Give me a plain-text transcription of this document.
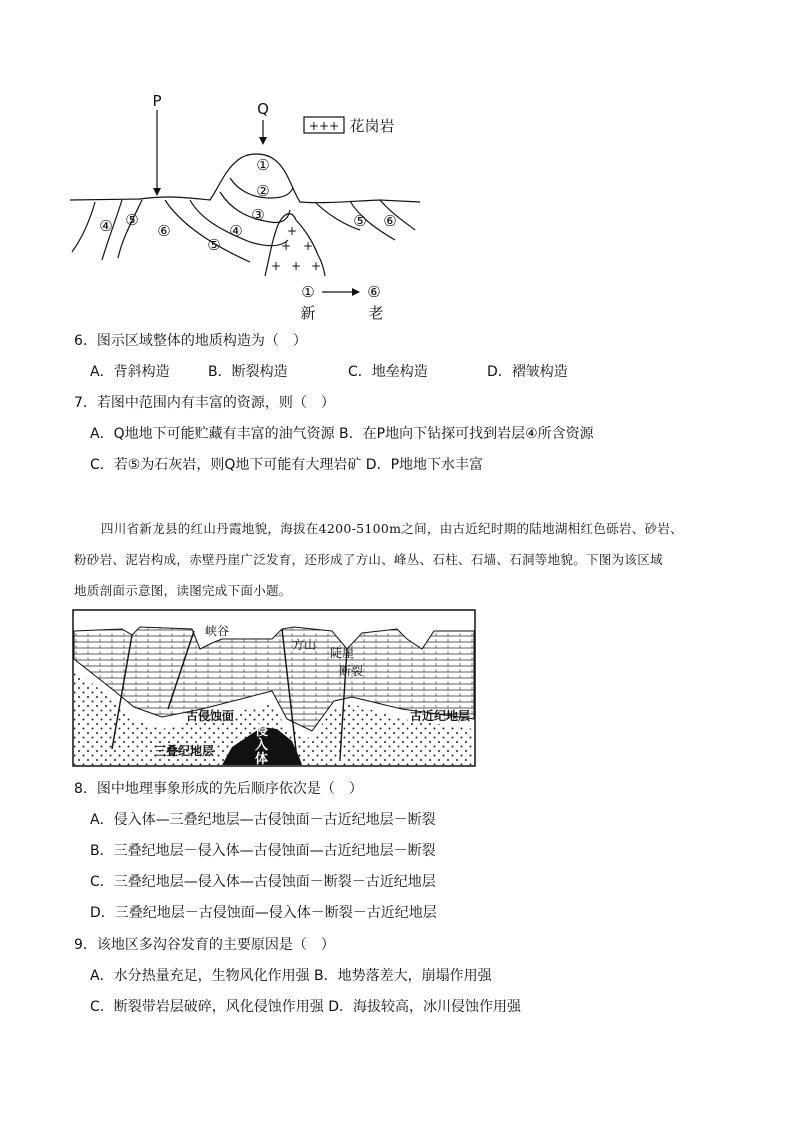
+
+ +
+ + +
P	Q
+++ 花岗岩
①
②
③
④ ⑤
⑥	④
⑤
⑤ ⑥
①	⑥
新	老
6．图示区域整体的地质构造为（　）
A．背斜构造	B．断裂构造	C．地垒构造	D．褶皱构造
7．若图中范围内有丰富的资源，则（　）
A．Q地地下可能贮藏有丰富的油气资源 B．在P地向下钻探可找到岩层④所含资源
C．若⑤为石灰岩，则Q地下可能有大理岩矿 D．P地地下水丰富
四川省新龙县的红山丹霞地貌，海拔在4200-5100m之间，由古近纪时期的陆地湖相红色砾岩、砂岩、
粉砂岩、泥岩构成，赤壁丹崖广泛发育，还形成了方山、峰丛、石柱、石墙、石洞等地貌。下图为该区域
地质剖面示意图，读图完成下面小题。
峡谷
方山
陡崖
断裂
古侵蚀面	古近纪地层
三叠纪地层
侵入体
8．图中地理事象形成的先后顺序依次是（　）
A．侵入体—三叠纪地层—古侵蚀面－古近纪地层－断裂
B．三叠纪地层－侵入体—古侵蚀面—古近纪地层－断裂
C．三叠纪地层—侵入体—古侵蚀面－断裂－古近纪地层
D．三叠纪地层－古侵蚀面—侵入体－断裂－古近纪地层
9．该地区多沟谷发育的主要原因是（　）
A．水分热量充足，生物风化作用强 B．地势落差大，崩塌作用强
C．断裂带岩层破碎，风化侵蚀作用强 D．海拔较高，冰川侵蚀作用强
